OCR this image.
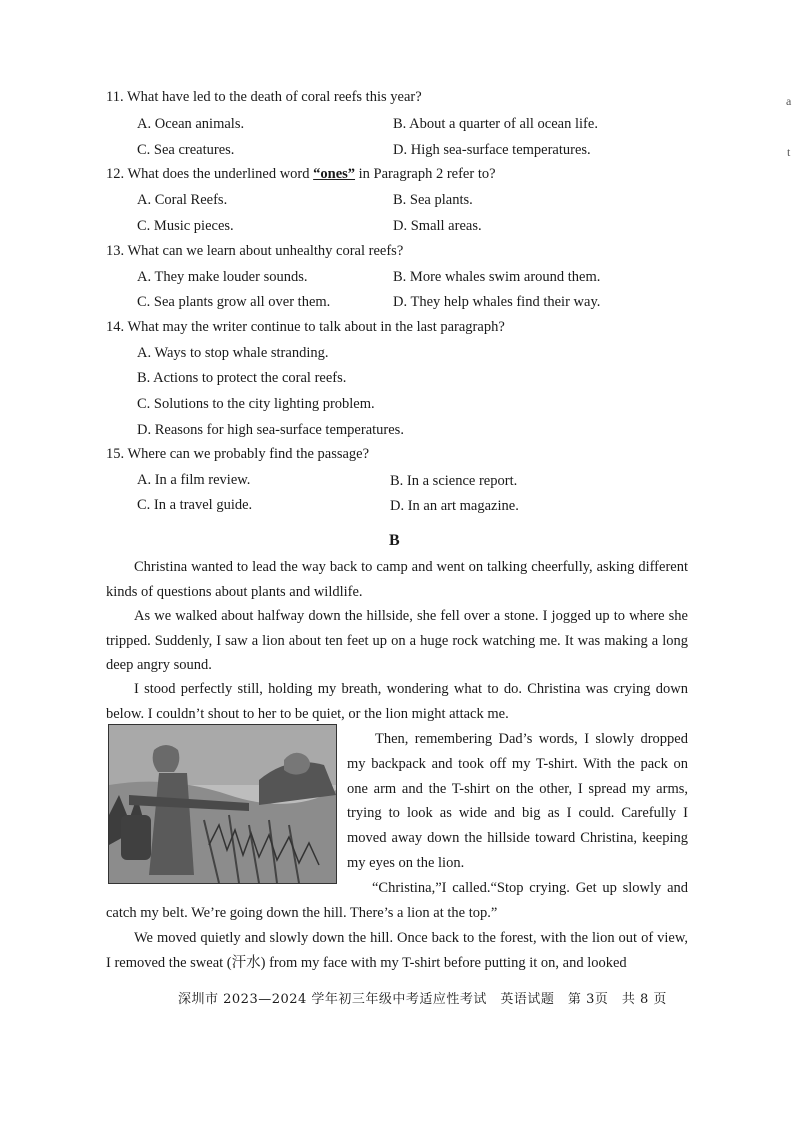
11. What have led to the death of coral reefs this year?
A. Ocean animals.	B. About a quarter of all ocean life.
C. Sea creatures.	D. High sea-surface temperatures.
12. What does the underlined word “ones” in Paragraph 2 refer to?
A. Coral Reefs.	B. Sea plants.
C. Music pieces.	D. Small areas.
13. What can we learn about unhealthy coral reefs?
A. They make louder sounds.	B. More whales swim around them.
C. Sea plants grow all over them.	D. They help whales find their way.
14. What may the writer continue to talk about in the last paragraph?
A. Ways to stop whale stranding.
B. Actions to protect the coral reefs.
C. Solutions to the city lighting problem.
D. Reasons for high sea-surface temperatures.
15. Where can we probably find the passage?
A. In a film review.	B. In a science report.
C. In a travel guide.	D. In an art magazine.
B
Christina wanted to lead the way back to camp and went on talking cheerfully, asking different kinds of questions about plants and wildlife.
As we walked about halfway down the hillside, she fell over a stone. I jogged up to where she tripped. Suddenly, I saw a lion about ten feet up on a huge rock watching me. It was making a long deep angry sound.
I stood perfectly still, holding my breath, wondering what to do. Christina was crying down below. I couldn’t shout to her to be quiet, or the lion might attack me.
Then, remembering Dad’s words, I slowly dropped my backpack and took off my T-shirt. With the pack on one arm and the T-shirt on the other, I spread my arms, trying to look as wide and big as I could. Carefully I moved away down the hillside toward Christina, keeping my eyes on the lion.
“Christina,”I called.“Stop crying. Get up slowly and catch my belt. We’re going down the hill. There’s a lion at the top.”
We moved quietly and slowly down the hill. Once back to the forest, with the lion out of view, I removed the sweat (汗水) from my face with my T-shirt before putting it on, and looked
深圳市 2023—2024 学年初三年级中考适应性考试　英语试题　第 3页　共 8 页
a
t
